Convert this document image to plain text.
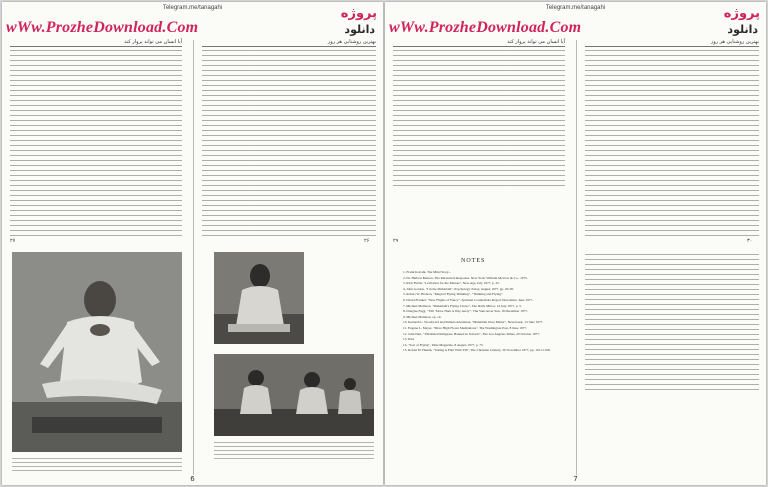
Telegram.me/tanagahi
wWw.ProzheDownload.Com
پروژه
دانلود
آیا انسان می تواند پرواز کند
۲۷
بهترین روشنایی هر روز
۲۶
6
Telegram.me/tanagahi
wWw.ProzheDownload.Com
پروژه
دانلود
آیا انسان می تواند پرواز کند
۲۹
بهترین روشنایی هر روز
۳۰
NOTES
1. Frank Kolodk, The Mind Story...
2. Dr. Herbert Benson, The Relaxation Response. New York: William Morrow & Co., 1975.
3. Rick Fields, "Levitation for the Masses", New Age, July 1977, p. 32.
4. John Gordon, "I in the Maharishi", Psychology Today, August 1977, pp. 29-38.
5. Robert W. Hodson, "Magical Flying Thinking", "Thinking and Flying".
6. David Frankel, "New Flights of Fancy", Spiritual Counterfeits Project Newsletter, June 1977.
7. Michael Mallison, "Maharishi's Flying Circus", The Daily Mirror, 14 July 1977, p. 5.
8. Douglas Fagg, "TM: 'More Than A Way Away'", The Vancouver Sun, 18 December 1977.
9. Michael Mallison, op. cit.
10. Kenneth L. Woodward and Pamela Abramson, "Maharishi Over Matter", Newsweek, 13 June 1977.
11. Eugene L. Meyer, "More High Flown Meditations", The Washington Post, 8 June 1977.
12. John Dart, "TM Ruled Religious, Banned in Schools", The Los Angeles Times, 20 October 1977.
13. Ibid.
14. "Sort of Flying", Time Magazine, 8 August 1977, p. 75.
15. Robert H. Hamm, "Taking A Flier With TM", The Christian Century, 30 November 1977, pp. 1101-1108.
7
